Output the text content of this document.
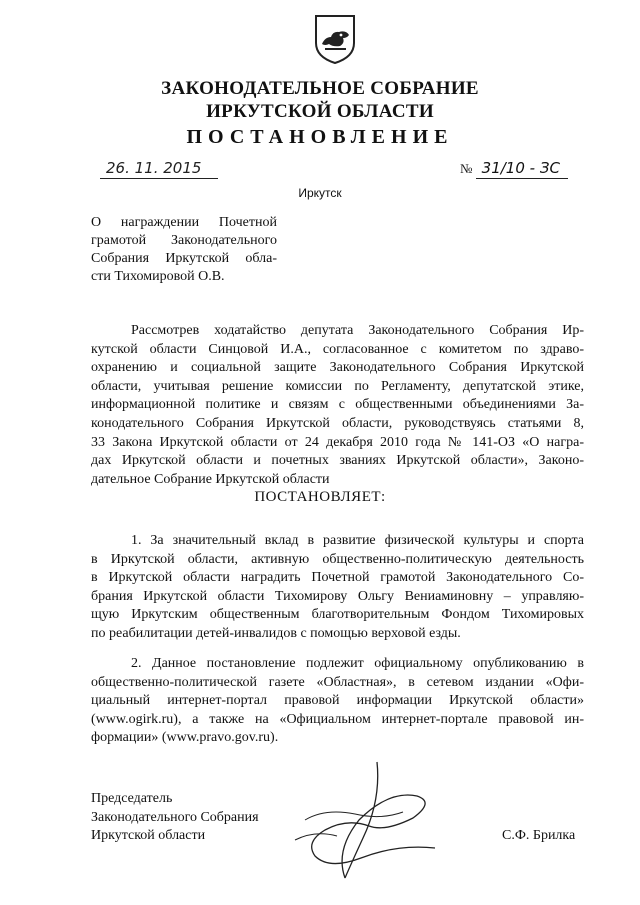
ЗАКОНОДАТЕЛЬНОЕ СОБРАНИЕ
ИРКУТСКОЙ ОБЛАСТИ
ПОСТАНОВЛЕНИЕ
26. 11. 2015	№ 31/10 - ЗС
Иркутск
О награждении Почетной
грамотой Законодательного
Собрания Иркутской обла-
сти Тихомировой О.В.
Рассмотрев ходатайство депутата Законодательного Собрания Ир-
кутской области Синцовой И.А., согласованное с комитетом по здраво-
охранению и социальной защите Законодательного Собрания Иркутской
области, учитывая решение комиссии по Регламенту, депутатской этике,
информационной политике и связям с общественными объединениями За-
конодательного Собрания Иркутской области, руководствуясь статьями 8,
33 Закона Иркутской области от 24 декабря 2010 года № 141-ОЗ «О награ-
дах Иркутской области и почетных званиях Иркутской области», Законо-
дательное Собрание Иркутской области
ПОСТАНОВЛЯЕТ:
1. За значительный вклад в развитие физической культуры и спорта
в Иркутской области, активную общественно-политическую деятельность
в Иркутской области наградить Почетной грамотой Законодательного Со-
брания Иркутской области Тихомирову Ольгу Вениаминовну – управляю-
щую Иркутским общественным благотворительным Фондом Тихомировых
по реабилитации детей-инвалидов с помощью верховой езды.
2. Данное постановление подлежит официальному опубликованию в
общественно-политической газете «Областная», в сетевом издании «Офи-
циальный интернет-портал правовой информации Иркутской области»
(www.ogirk.ru), а также на «Официальном интернет-портале правовой ин-
формации» (www.pravo.gov.ru).
Председатель
Законодательного Собрания
Иркутской области	С.Ф. Брилка
